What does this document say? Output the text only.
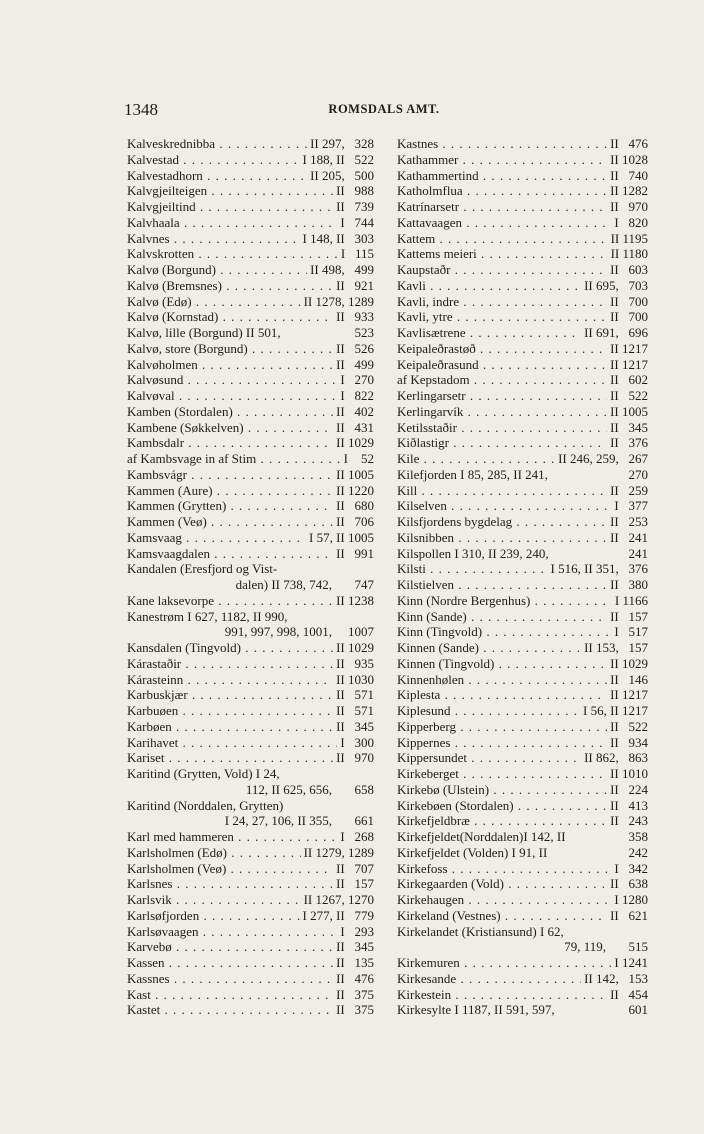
1348	ROMSDALS AMT.
Kalveskrednibba . . .	II 297,   328
Kalvestad . . .	I 188, II   522
Kalvestadhorn . . .	II 205,   500
Kalvgjeilteigen . . .	II   988
Kalvgjeiltind . . .	II   739
Kalvhaala . . .	I   744
Kalvnes . . .	I 148, II   303
Kalvskrotten . . .	I   115
Kalvø (Borgund) . . .	II 498,   499
Kalvø (Bremsnes) . . .	II   921
Kalvø (Edø) . . .	II 1278, 1289
Kalvø (Kornstad) . . .	II   933
Kalvø, lille (Borgund) II 501,	523
Kalvø, store (Borgund) . . .	II   526
Kalvøholmen . . .	II   499
Kalvøsund . . .	I   270
Kalvøval . . .	I   822
Kamben (Stordalen) . . .	II   402
Kambene (Søkkelven) . . .	II   431
Kambsdalr . . .	II 1029
af Kambsvage in af Stim . . .	I    52
Kambsvágr . . .	II 1005
Kammen (Aure) . . .	II 1220
Kammen (Grytten) . . .	II   680
Kammen (Veø) . . .	II   706
Kamsvaag . . .	I 57, II 1005
Kamsvaagdalen . . .	II   991
Kandalen (Eresfjord og Vist-
dalen) II 738, 742,	747
Kane laksevorpe . . .	II 1238
Kanestrøm I 627, 1182, II 990,
991, 997, 998, 1001,	1007
Kansdalen (Tingvold) . . .	II 1029
Kárastaðir . . .	II   935
Kárasteinn . . .	II 1030
Karbuskjær . . .	II   571
Karbuøen . . .	II   571
Karbøen . . .	II   345
Karihavet . . .	I   300
Kariset . . .	II   970
Karitind (Grytten, Vold) I 24,
112, II 625, 656,	658
Karitind (Norddalen, Grytten)
I 24, 27, 106, II 355,	661
Karl med hammeren . . .	I   268
Karlsholmen (Edø) . . .	II 1279, 1289
Karlsholmen (Veø) . . .	II   707
Karlsnes . . .	II   157
Karlsvik . . .	II 1267, 1270
Karlsøfjorden . . .	I 277, II   779
Karlsøvaagen . . .	I   293
Karvebø . . .	II   345
Kassen . . .	II   135
Kassnes . . .	II   476
Kast . . .	II   375
Kastet . . .	II   375
Kastnes . . .	II   476
Kathammer . . .	II 1028
Kathammertind . . .	II   740
Katholmflua . . .	II 1282
Katrínarsetr . . .	II   970
Kattavaagen . . .	I   820
Kattem . . .	II 1195
Kattems meieri . . .	II 1180
Kaupstaðr . . .	II   603
Kavli . . .	II 695,   703
Kavli, indre . . .	II   700
Kavli, ytre . . .	II   700
Kavlisætrene . . .	II 691,   696
Keipaleðrastøð . . .	II 1217
Keipaleðrasund . . .	II 1217
af Kepstadom . . .	II   602
Kerlingarsetr . . .	II   522
Kerlingarvík . . .	II 1005
Ketilsstaðir . . .	II   345
Kiðlastigr . . .	II   376
Kile . . .	II 246, 259,   267
Kilefjorden I 85, 285, II 241,	270
Kill . . .	II   259
Kilselven . . .	I   377
Kilsfjordens bygdelag . . .	II   253
Kilsnibben . . .	II   241
Kilspollen I 310, II 239, 240,	241
Kilsti . . .	I 516, II 351,   376
Kilstielven . . .	II   380
Kinn (Nordre Bergenhus) . . .	I 1166
Kinn (Sande) . . .	II   157
Kinn (Tingvold) . . .	I   517
Kinnen (Sande) . . .	II 153,   157
Kinnen (Tingvold) . . .	II 1029
Kinnenhølen . . .	II   146
Kiplesta . . .	II 1217
Kiplesund . . .	I 56, II 1217
Kipperberg . . .	II   522
Kippernes . . .	II   934
Kippersundet . . .	II 862,   863
Kirkeberget . . .	II 1010
Kirkebø (Ulstein) . . .	II   224
Kirkebøen (Stordalen) . . .	II   413
Kirkefjeldbræ . . .	II   243
Kirkefjeldet(Norddalen)I 142, II	358
Kirkefjeldet (Volden) I 91, II	242
Kirkefoss . . .	I   342
Kirkegaarden (Vold) . . .	II   638
Kirkehaugen . . .	I 1280
Kirkeland (Vestnes) . . .	II   621
Kirkelandet (Kristiansund) I 62,
79, 119,	515
Kirkemuren . . .	I 1241
Kirkesande . . .	II 142,   153
Kirkestein . . .	II   454
Kirkesylte I 1187, II 591, 597,	601
